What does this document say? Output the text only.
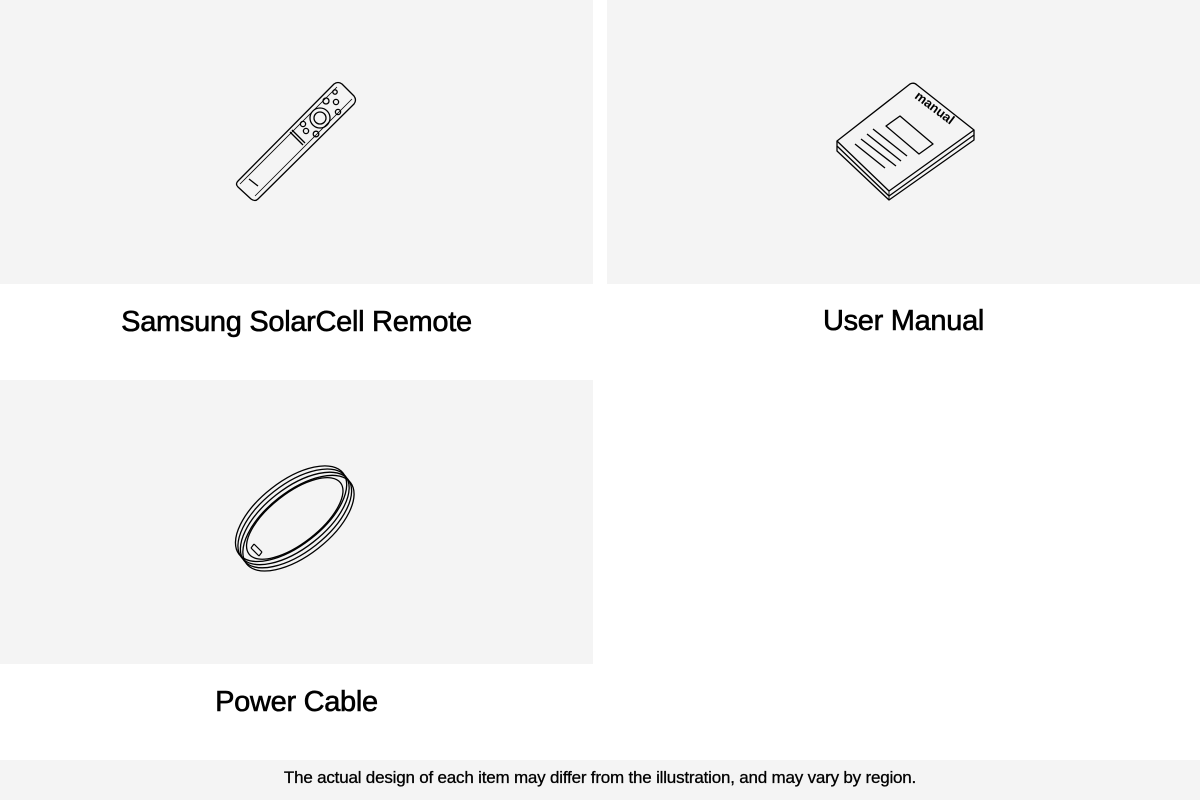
Samsung SolarCell Remote
manual
User Manual
Power Cable
The actual design of each item may differ from the illustration, and may vary by region.
